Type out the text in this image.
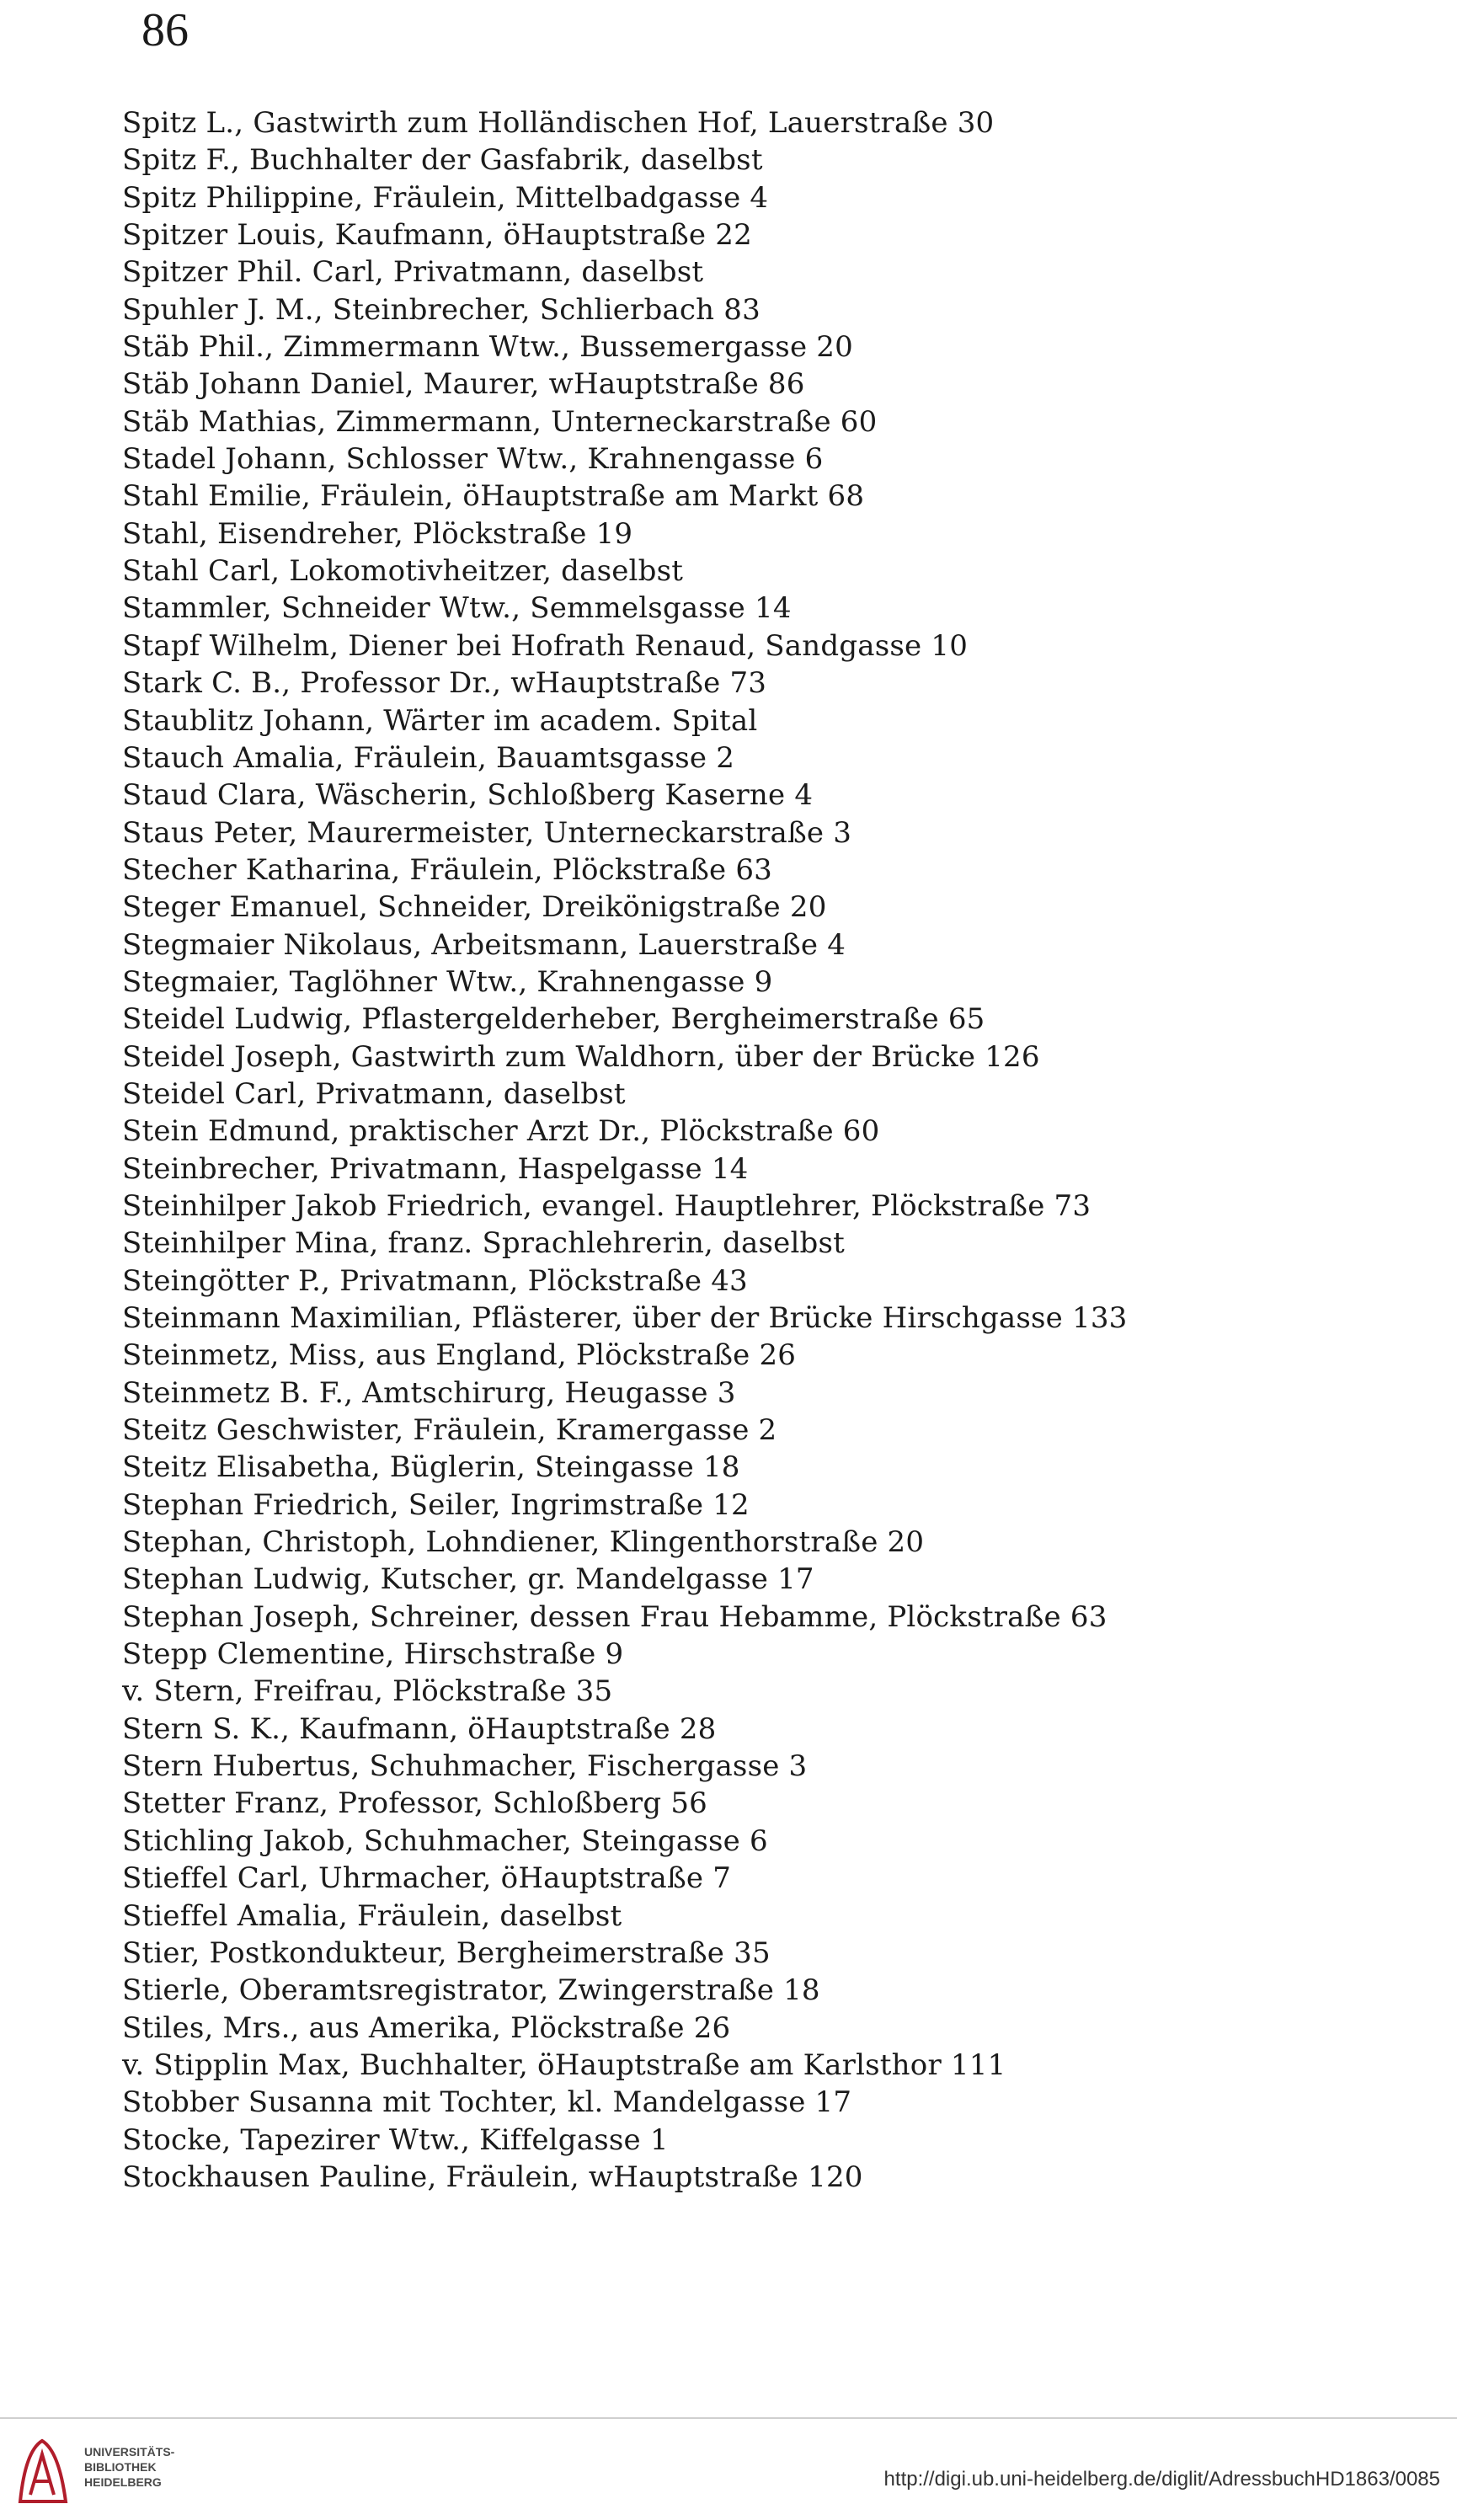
86
Spitz L., Gastwirth zum Holländischen Hof, Lauerstraße 30
Spitz F., Buchhalter der Gasfabrik, daselbst
Spitz Philippine, Fräulein, Mittelbadgasse 4
Spitzer Louis, Kaufmann, öHauptstraße 22
Spitzer Phil. Carl, Privatmann, daselbst
Spuhler J. M., Steinbrecher, Schlierbach 83
Stäb Phil., Zimmermann Wtw., Bussemergasse 20
Stäb Johann Daniel, Maurer, wHauptstraße 86
Stäb Mathias, Zimmermann, Unterneckarstraße 60
Stadel Johann, Schlosser Wtw., Krahnengasse 6
Stahl Emilie, Fräulein, öHauptstraße am Markt 68
Stahl, Eisendreher, Plöckstraße 19
Stahl Carl, Lokomotivheitzer, daselbst
Stammler, Schneider Wtw., Semmelsgasse 14
Stapf Wilhelm, Diener bei Hofrath Renaud, Sandgasse 10
Stark C. B., Professor Dr., wHauptstraße 73
Staublitz Johann, Wärter im academ. Spital
Stauch Amalia, Fräulein, Bauamtsgasse 2
Staud Clara, Wäscherin, Schloßberg Kaserne 4
Staus Peter, Maurermeister, Unterneckarstraße 3
Stecher Katharina, Fräulein, Plöckstraße 63
Steger Emanuel, Schneider, Dreikönigstraße 20
Stegmaier Nikolaus, Arbeitsmann, Lauerstraße 4
Stegmaier, Taglöhner Wtw., Krahnengasse 9
Steidel Ludwig, Pflastergelderheber, Bergheimerstraße 65
Steidel Joseph, Gastwirth zum Waldhorn, über der Brücke 126
Steidel Carl, Privatmann, daselbst
Stein Edmund, praktischer Arzt Dr., Plöckstraße 60
Steinbrecher, Privatmann, Haspelgasse 14
Steinhilper Jakob Friedrich, evangel. Hauptlehrer, Plöckstraße 73
Steinhilper Mina, franz. Sprachlehrerin, daselbst
Steingötter P., Privatmann, Plöckstraße 43
Steinmann Maximilian, Pflästerer, über der Brücke Hirschgasse 133
Steinmetz, Miss, aus England, Plöckstraße 26
Steinmetz B. F., Amtschirurg, Heugasse 3
Steitz Geschwister, Fräulein, Kramergasse 2
Steitz Elisabetha, Büglerin, Steingasse 18
Stephan Friedrich, Seiler, Ingrimstraße 12
Stephan, Christoph, Lohndiener, Klingenthorstraße 20
Stephan Ludwig, Kutscher, gr. Mandelgasse 17
Stephan Joseph, Schreiner, dessen Frau Hebamme, Plöckstraße 63
Stepp Clementine, Hirschstraße 9
v. Stern, Freifrau, Plöckstraße 35
Stern S. K., Kaufmann, öHauptstraße 28
Stern Hubertus, Schuhmacher, Fischergasse 3
Stetter Franz, Professor, Schloßberg 56
Stichling Jakob, Schuhmacher, Steingasse 6
Stieffel Carl, Uhrmacher, öHauptstraße 7
Stieffel Amalia, Fräulein, daselbst
Stier, Postkondukteur, Bergheimerstraße 35
Stierle, Oberamtsregistrator, Zwingerstraße 18
Stiles, Mrs., aus Amerika, Plöckstraße 26
v. Stipplin Max, Buchhalter, öHauptstraße am Karlsthor 111
Stobber Susanna mit Tochter, kl. Mandelgasse 17
Stocke, Tapezirer Wtw., Kiffelgasse 1
Stockhausen Pauline, Fräulein, wHauptstraße 120
UNIVERSITÄTS-
BIBLIOTHEK
HEIDELBERG	http://digi.ub.uni-heidelberg.de/diglit/AdressbuchHD1863/0085
